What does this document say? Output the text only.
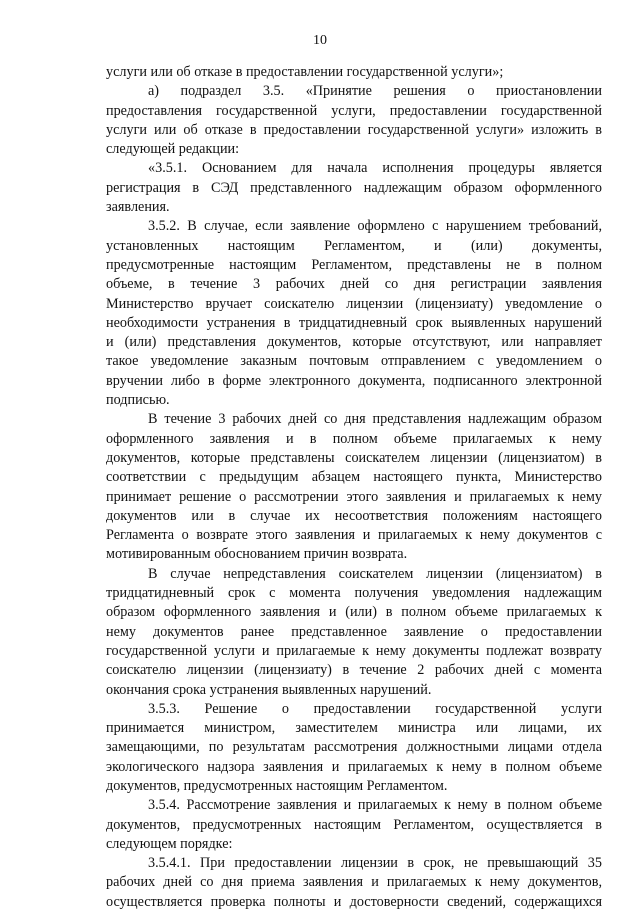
10
услуги или об отказе в предоставлении государственной услуги»;
а) подраздел 3.5. «Принятие решения о приостановлении
предоставления государственной услуги, предоставлении государственной
услуги или об отказе в предоставлении государственной услуги» изложить в
следующей редакции:
«3.5.1. Основанием для начала исполнения процедуры является
регистрация в СЭД представленного надлежащим образом оформленного
заявления.
3.5.2. В случае, если заявление оформлено с нарушением требований,
установленных настоящим Регламентом, и (или) документы,
предусмотренные настоящим Регламентом, представлены не в полном
объеме, в течение 3 рабочих дней со дня регистрации заявления
Министерство вручает соискателю лицензии (лицензиату) уведомление о
необходимости устранения в тридцатидневный срок выявленных нарушений
и (или) представления документов, которые отсутствуют, или направляет
такое уведомление заказным почтовым отправлением с уведомлением о
вручении либо в форме электронного документа, подписанного электронной
подписью.
В течение 3 рабочих дней со дня представления надлежащим образом
оформленного заявления и в полном объеме прилагаемых к нему
документов, которые представлены соискателем лицензии (лицензиатом) в
соответствии с предыдущим абзацем настоящего пункта, Министерство
принимает решение о рассмотрении этого заявления и прилагаемых к нему
документов или в случае их несоответствия положениям настоящего
Регламента о возврате этого заявления и прилагаемых к нему документов с
мотивированным обоснованием причин возврата.
В случае непредставления соискателем лицензии (лицензиатом) в
тридцатидневный срок с момента получения уведомления надлежащим
образом оформленного заявления и (или) в полном объеме прилагаемых к
нему документов ранее представленное заявление о предоставлении
государственной услуги и прилагаемые к нему документы подлежат возврату
соискателю лицензии (лицензиату) в течение 2 рабочих дней с момента
окончания срока устранения выявленных нарушений.
3.5.3. Решение о предоставлении государственной услуги
принимается министром, заместителем министра или лицами, их
замещающими, по результатам рассмотрения должностными лицами отдела
экологического надзора заявления и прилагаемых к нему в полном объеме
документов, предусмотренных настоящим Регламентом.
3.5.4. Рассмотрение заявления и прилагаемых к нему в полном объеме
документов, предусмотренных настоящим Регламентом, осуществляется в
следующем порядке:
3.5.4.1. При предоставлении лицензии в срок, не превышающий 35
рабочих дней со дня приема заявления и прилагаемых к нему документов,
осуществляется проверка полноты и достоверности сведений, содержащихся
